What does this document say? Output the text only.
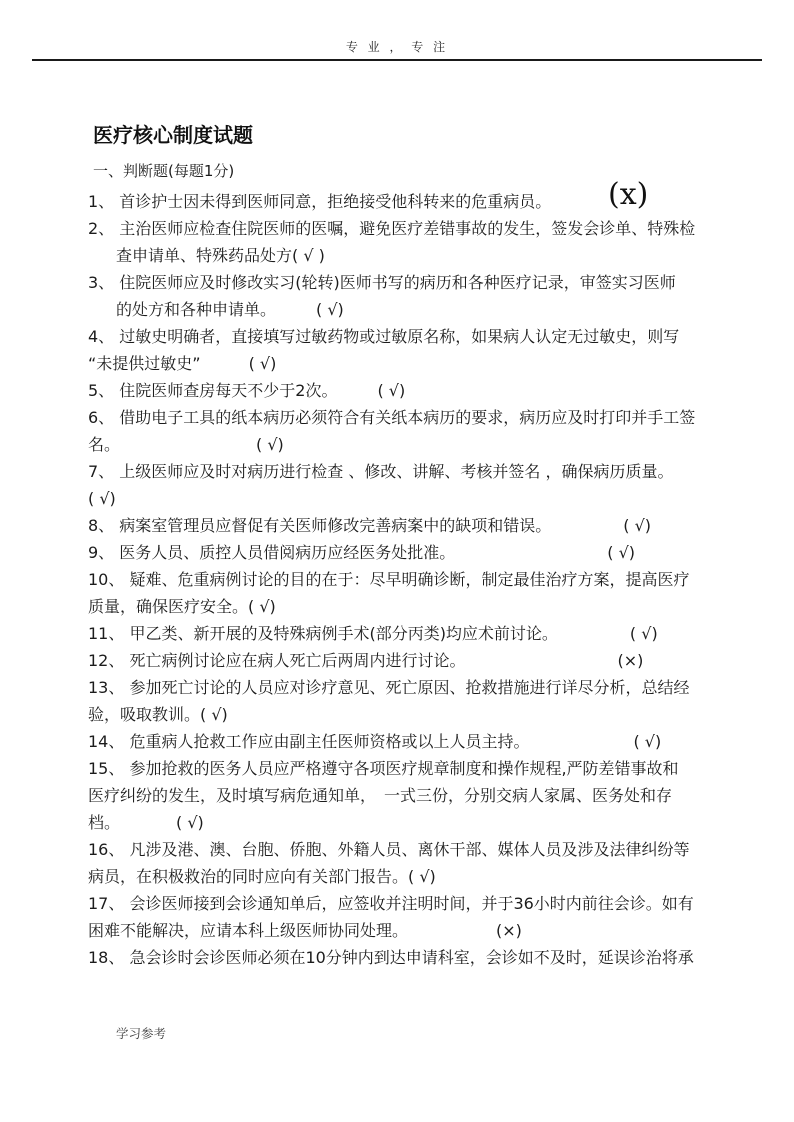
专 业 ， 专 注
医疗核心制度试题
一、判断题(每题1分)
1、 首诊护士因未得到医师同意，拒绝接受他科转来的危重病员。 (x)
2、 主治医师应检查住院医师的医嘱，避免医疗差错事故的发生，签发会诊单、特殊检
查申请单、特殊药品处方( √ )
3、 住院医师应及时修改实习(轮转)医师书写的病历和各种医疗记录，审签实习医师
的处方和各种申请单。　　　( √)
4、 过敏史明确者，直接填写过敏药物或过敏原名称，如果病人认定无过敏史，则写
“未提供过敏史”　　　( √)
5、 住院医师查房每天不少于2次。　　　( √)
6、 借助电子工具的纸本病历必须符合有关纸本病历的要求，病历应及时打印并手工签
名。　　　　　　　　　( √)
7、 上级医师应及时对病历进行检查 、修改、讲解、考核并签名 ，确保病历质量。
( √)
8、 病案室管理员应督促有关医师修改完善病案中的缺项和错误。　　　　　( √)
9、 医务人员、质控人员借阅病历应经医务处批准。　　　　　　　　　　( √)
10、 疑难、危重病例讨论的目的在于：尽早明确诊断，制定最佳治疗方案，提高医疗
质量，确保医疗安全。( √)
11、 甲乙类、新开展的及特殊病例手术(部分丙类)均应术前讨论。　　　　　( √)
12、 死亡病例讨论应在病人死亡后两周内进行讨论。　　　　　　　　　　(×)
13、 参加死亡讨论的人员应对诊疗意见、死亡原因、抢救措施进行详尽分析，总结经
验，吸取教训。( √)
14、 危重病人抢救工作应由副主任医师资格或以上人员主持。　　　　　　　( √)
15、 参加抢救的医务人员应严格遵守各项医疗规章制度和操作规程,严防差错事故和
医疗纠纷的发生，及时填写病危通知单，　一式三份，分别交病人家属、医务处和存
档。　　　　( √)
16、 凡涉及港、澳、台胞、侨胞、外籍人员、离休干部、媒体人员及涉及法律纠纷等
病员，在积极救治的同时应向有关部门报告。( √)
17、 会诊医师接到会诊通知单后，应签收并注明时间，并于36小时内前往会诊。如有
困难不能解决，应请本科上级医师协同处理。　　　　　　(×)
18、 急会诊时会诊医师必须在10分钟内到达申请科室，会诊如不及时，延误诊治将承
学习参考
